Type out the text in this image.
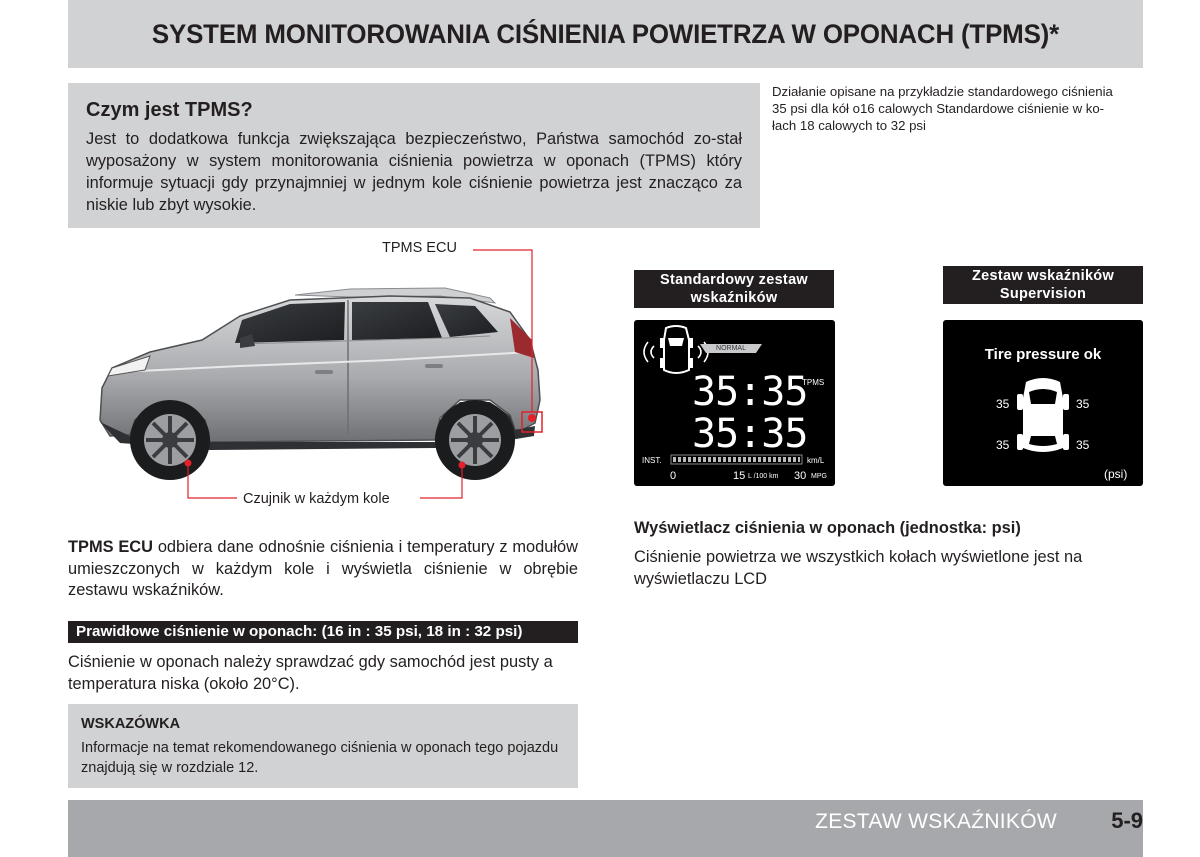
SYSTEM MONITOROWANIA CIŚNIENIA POWIETRZA W OPONACH (TPMS)*
Czym jest TPMS?

Jest to dodatkowa funkcja zwiększająca bezpieczeństwo, Państwa samochód zo-stał wyposażony w system monitorowania ciśnienia powietrza w oponach (TPMS) który informuje sytuacji gdy przynajmniej w jednym kole ciśnienie powietrza jest znacząco za niskie lub zbyt wysokie.

Działanie opisane na przykładzie standardowego ciśnienia
35 psi dla kół o16 calowych Standardowe ciśnienie w ko-
łach 18 calowych to 32 psi
TPMS ECU
Czujnik w każdym kole
Standardowy zestaw
wskaźników
NORMAL
TPMS
35:35
35:35
INST.	km/L
0	15 L /100 km 30 MPG
Zestaw wskaźników
Supervision
Tire pressure ok
35	35
35	35
(psi)
TPMS ECU odbiera dane odnośnie ciśnienia i temperatury z modułów umieszczonych w każdym kole i wyświetla ciśnienie w obrębie zestawu wskaźników.
Prawidłowe ciśnienie w oponach: (16 in : 35 psi, 18 in : 32 psi)
Ciśnienie w oponach należy sprawdzać gdy samochód jest pusty a temperatura niska (około 20°C).
WSKAZÓWKA

Informacje na temat rekomendowanego ciśnienia w oponach tego pojazdu znajdują się w rozdziale 12.

Wyświetlacz ciśnienia w oponach (jednostka: psi)
Ciśnienie powietrza we wszystkich kołach wyświetlone jest na wyświetlaczu LCD
ZESTAW WSKAŹNIKÓW 5-9
